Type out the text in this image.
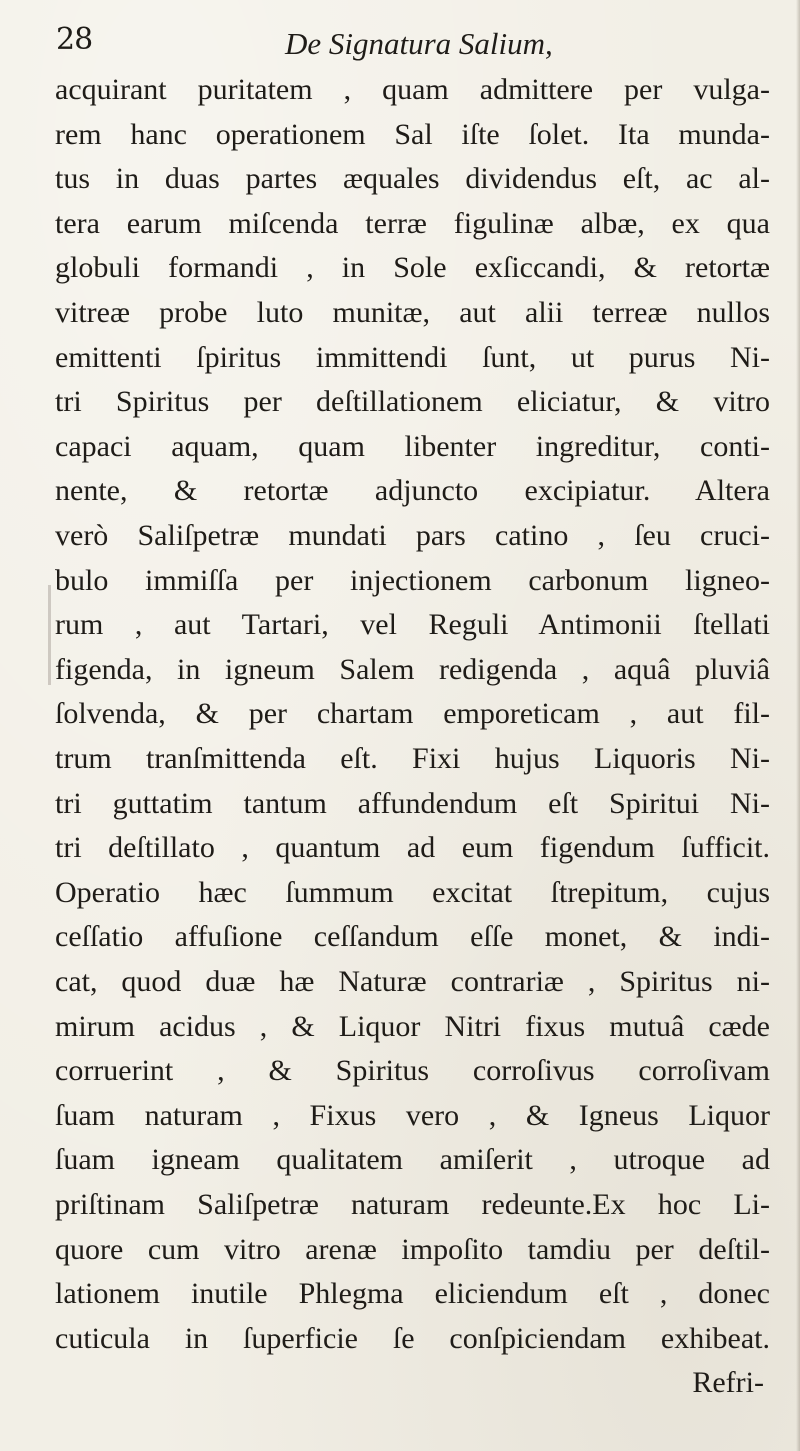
28	De Signatura Salium,
acquirant puritatem , quam admittere per vulga-
rem hanc operationem Sal iſte ſolet. Ita munda-
tus in duas partes æquales dividendus eſt, ac al-
tera earum miſcenda terræ figulinæ albæ, ex qua
globuli formandi , in Sole exſiccandi, & retortæ
vitreæ probe luto munitæ, aut alii terreæ nullos
emittenti ſpiritus immittendi ſunt, ut purus Ni-
tri Spiritus per deſtillationem eliciatur, & vitro
capaci aquam, quam libenter ingreditur, conti-
nente, & retortæ adjuncto excipiatur. Altera
verò Saliſpetræ mundati pars catino , ſeu cruci-
bulo immiſſa per injectionem carbonum ligneo-
rum , aut Tartari, vel Reguli Antimonii ſtellati
figenda, in igneum Salem redigenda , aquâ pluviâ
ſolvenda, & per chartam emporeticam , aut fil-
trum tranſmittenda eſt. Fixi hujus Liquoris Ni-
tri guttatim tantum affundendum eſt Spiritui Ni-
tri deſtillato , quantum ad eum figendum ſufficit.
Operatio hæc ſummum excitat ſtrepitum, cujus
ceſſatio affuſione ceſſandum eſſe monet, & indi-
cat, quod duæ hæ Naturæ contrariæ , Spiritus ni-
mirum acidus , & Liquor Nitri fixus mutuâ cæde
corruerint , & Spiritus corroſivus corroſivam
ſuam naturam , Fixus vero , & Igneus Liquor
ſuam igneam qualitatem amiſerit , utroque ad
priſtinam Saliſpetræ naturam redeunte.Ex hoc Li-
quore cum vitro arenæ impoſito tamdiu per deſtil-
lationem inutile Phlegma eliciendum eſt , donec
cuticula in ſuperficie ſe conſpiciendam exhibeat.
Refri-
